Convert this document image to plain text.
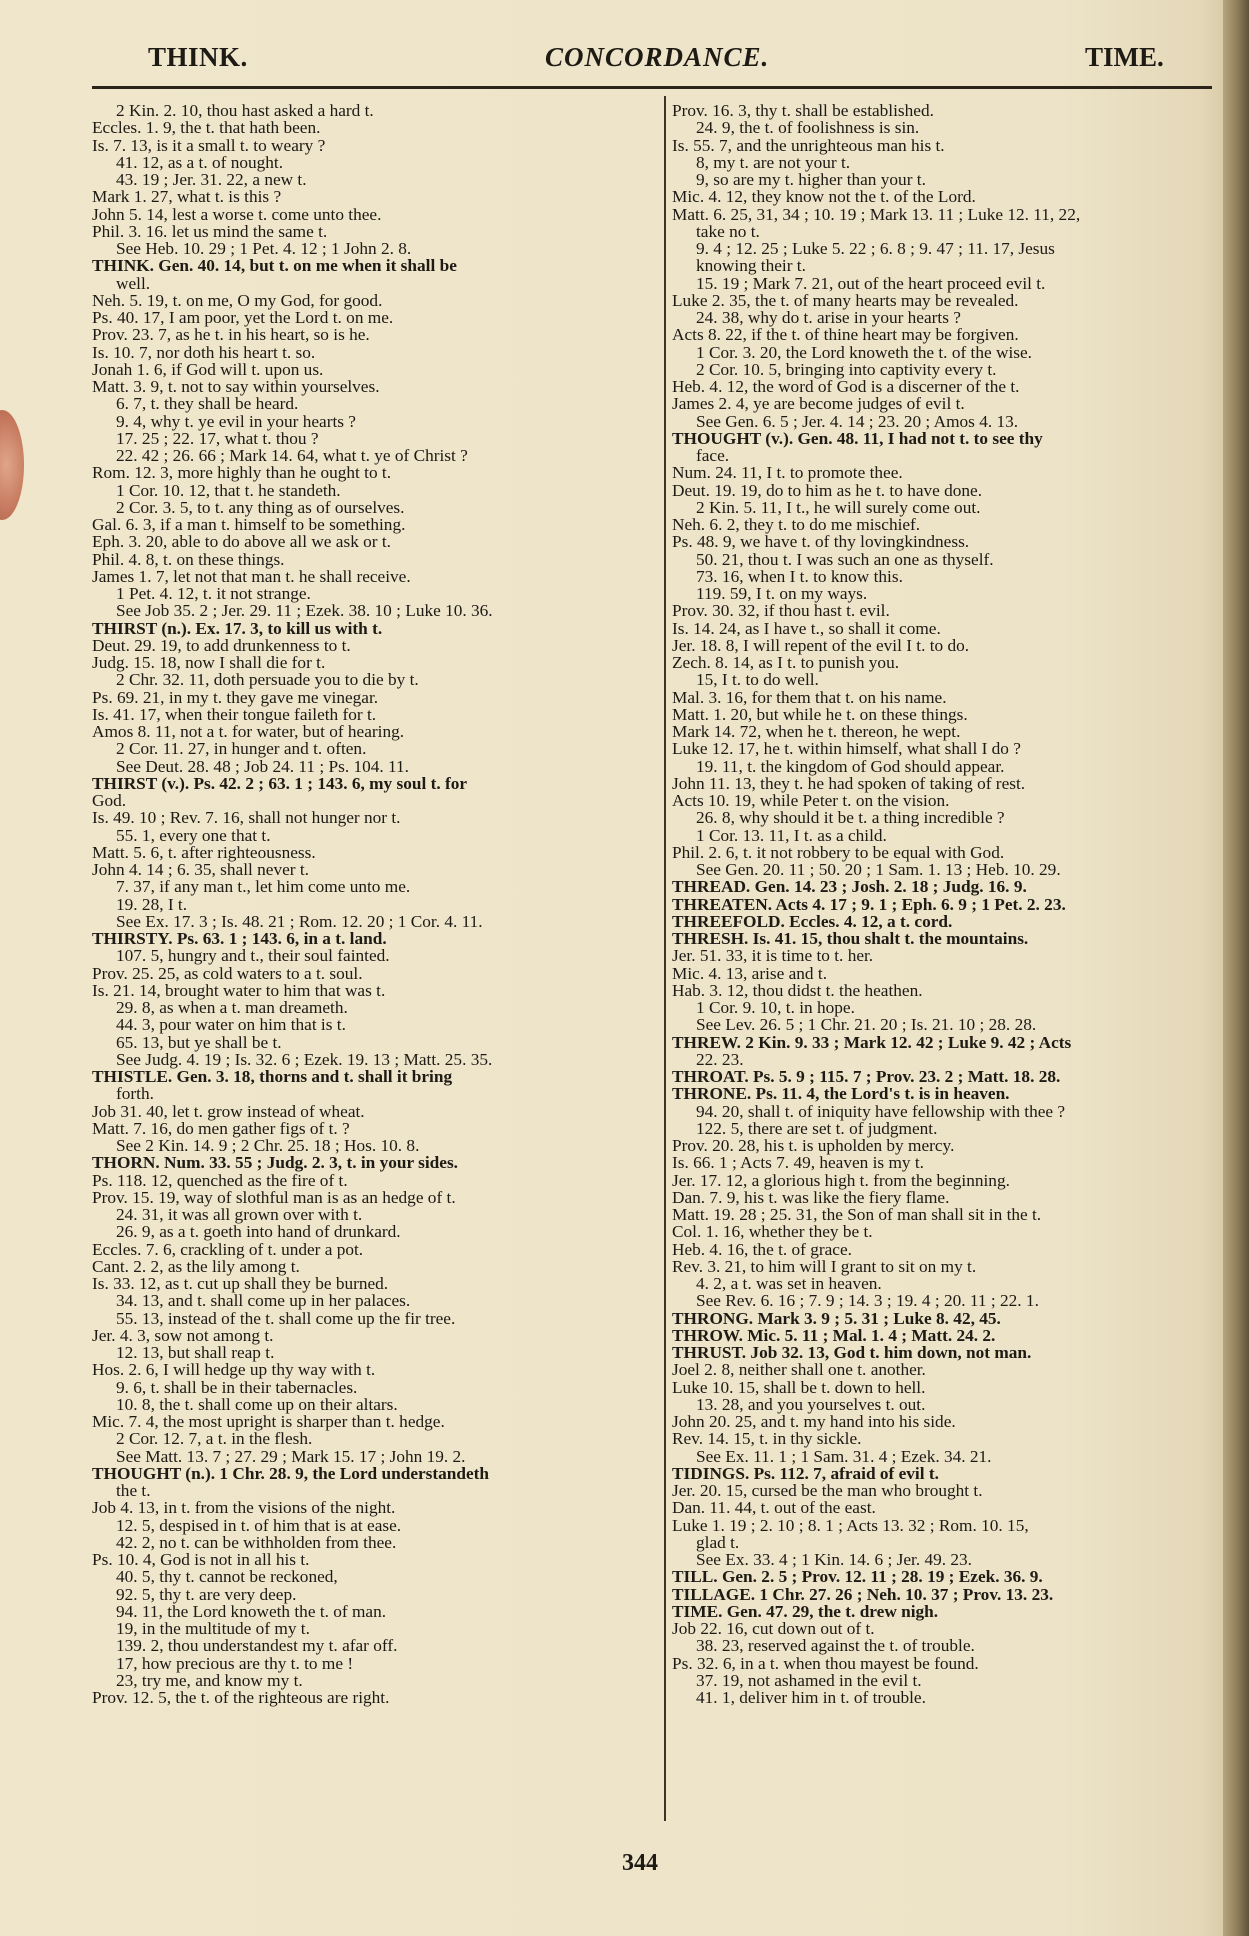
THINK.	CONCORDANCE.	TIME.
2 Kin. 2. 10, thou hast asked a hard t.
Eccles. 1. 9, the t. that hath been.
Is. 7. 13, is it a small t. to weary ?
41. 12, as a t. of nought.
43. 19 ; Jer. 31. 22, a new t.
Mark 1. 27, what t. is this ?
John 5. 14, lest a worse t. come unto thee.
Phil. 3. 16. let us mind the same t.
See Heb. 10. 29 ; 1 Pet. 4. 12 ; 1 John 2. 8.
THINK. Gen. 40. 14, but t. on me when it shall be
well.
Neh. 5. 19, t. on me, O my God, for good.
Ps. 40. 17, I am poor, yet the Lord t. on me.
Prov. 23. 7, as he t. in his heart, so is he.
Is. 10. 7, nor doth his heart t. so.
Jonah 1. 6, if God will t. upon us.
Matt. 3. 9, t. not to say within yourselves.
6. 7, t. they shall be heard.
9. 4, why t. ye evil in your hearts ?
17. 25 ; 22. 17, what t. thou ?
22. 42 ; 26. 66 ; Mark 14. 64, what t. ye of Christ ?
Rom. 12. 3, more highly than he ought to t.
1 Cor. 10. 12, that t. he standeth.
2 Cor. 3. 5, to t. any thing as of ourselves.
Gal. 6. 3, if a man t. himself to be something.
Eph. 3. 20, able to do above all we ask or t.
Phil. 4. 8, t. on these things.
James 1. 7, let not that man t. he shall receive.
1 Pet. 4. 12, t. it not strange.
See Job 35. 2 ; Jer. 29. 11 ; Ezek. 38. 10 ; Luke 10. 36.
THIRST (n.). Ex. 17. 3, to kill us with t.
Deut. 29. 19, to add drunkenness to t.
Judg. 15. 18, now I shall die for t.
2 Chr. 32. 11, doth persuade you to die by t.
Ps. 69. 21, in my t. they gave me vinegar.
Is. 41. 17, when their tongue faileth for t.
Amos 8. 11, not a t. for water, but of hearing.
2 Cor. 11. 27, in hunger and t. often.
See Deut. 28. 48 ; Job 24. 11 ; Ps. 104. 11.
THIRST (v.). Ps. 42. 2 ; 63. 1 ; 143. 6, my soul t. for
God.
Is. 49. 10 ; Rev. 7. 16, shall not hunger nor t.
55. 1, every one that t.
Matt. 5. 6, t. after righteousness.
John 4. 14 ; 6. 35, shall never t.
7. 37, if any man t., let him come unto me.
19. 28, I t.
See Ex. 17. 3 ; Is. 48. 21 ; Rom. 12. 20 ; 1 Cor. 4. 11.
THIRSTY. Ps. 63. 1 ; 143. 6, in a t. land.
107. 5, hungry and t., their soul fainted.
Prov. 25. 25, as cold waters to a t. soul.
Is. 21. 14, brought water to him that was t.
29. 8, as when a t. man dreameth.
44. 3, pour water on him that is t.
65. 13, but ye shall be t.
See Judg. 4. 19 ; Is. 32. 6 ; Ezek. 19. 13 ; Matt. 25. 35.
THISTLE. Gen. 3. 18, thorns and t. shall it bring
forth.
Job 31. 40, let t. grow instead of wheat.
Matt. 7. 16, do men gather figs of t. ?
See 2 Kin. 14. 9 ; 2 Chr. 25. 18 ; Hos. 10. 8.
THORN. Num. 33. 55 ; Judg. 2. 3, t. in your sides.
Ps. 118. 12, quenched as the fire of t.
Prov. 15. 19, way of slothful man is as an hedge of t.
24. 31, it was all grown over with t.
26. 9, as a t. goeth into hand of drunkard.
Eccles. 7. 6, crackling of t. under a pot.
Cant. 2. 2, as the lily among t.
Is. 33. 12, as t. cut up shall they be burned.
34. 13, and t. shall come up in her palaces.
55. 13, instead of the t. shall come up the fir tree.
Jer. 4. 3, sow not among t.
12. 13, but shall reap t.
Hos. 2. 6, I will hedge up thy way with t.
9. 6, t. shall be in their tabernacles.
10. 8, the t. shall come up on their altars.
Mic. 7. 4, the most upright is sharper than t. hedge.
2 Cor. 12. 7, a t. in the flesh.
See Matt. 13. 7 ; 27. 29 ; Mark 15. 17 ; John 19. 2.
THOUGHT (n.). 1 Chr. 28. 9, the Lord understandeth
the t.
Job 4. 13, in t. from the visions of the night.
12. 5, despised in t. of him that is at ease.
42. 2, no t. can be withholden from thee.
Ps. 10. 4, God is not in all his t.
40. 5, thy t. cannot be reckoned,
92. 5, thy t. are very deep.
94. 11, the Lord knoweth the t. of man.
19, in the multitude of my t.
139. 2, thou understandest my t. afar off.
17, how precious are thy t. to me !
23, try me, and know my t.
Prov. 12. 5, the t. of the righteous are right.
Prov. 16. 3, thy t. shall be established.
24. 9, the t. of foolishness is sin.
Is. 55. 7, and the unrighteous man his t.
8, my t. are not your t.
9, so are my t. higher than your t.
Mic. 4. 12, they know not the t. of the Lord.
Matt. 6. 25, 31, 34 ; 10. 19 ; Mark 13. 11 ; Luke 12. 11, 22,
take no t.
9. 4 ; 12. 25 ; Luke 5. 22 ; 6. 8 ; 9. 47 ; 11. 17, Jesus
knowing their t.
15. 19 ; Mark 7. 21, out of the heart proceed evil t.
Luke 2. 35, the t. of many hearts may be revealed.
24. 38, why do t. arise in your hearts ?
Acts 8. 22, if the t. of thine heart may be forgiven.
1 Cor. 3. 20, the Lord knoweth the t. of the wise.
2 Cor. 10. 5, bringing into captivity every t.
Heb. 4. 12, the word of God is a discerner of the t.
James 2. 4, ye are become judges of evil t.
See Gen. 6. 5 ; Jer. 4. 14 ; 23. 20 ; Amos 4. 13.
THOUGHT (v.). Gen. 48. 11, I had not t. to see thy
face.
Num. 24. 11, I t. to promote thee.
Deut. 19. 19, do to him as he t. to have done.
2 Kin. 5. 11, I t., he will surely come out.
Neh. 6. 2, they t. to do me mischief.
Ps. 48. 9, we have t. of thy lovingkindness.
50. 21, thou t. I was such an one as thyself.
73. 16, when I t. to know this.
119. 59, I t. on my ways.
Prov. 30. 32, if thou hast t. evil.
Is. 14. 24, as I have t., so shall it come.
Jer. 18. 8, I will repent of the evil I t. to do.
Zech. 8. 14, as I t. to punish you.
15, I t. to do well.
Mal. 3. 16, for them that t. on his name.
Matt. 1. 20, but while he t. on these things.
Mark 14. 72, when he t. thereon, he wept.
Luke 12. 17, he t. within himself, what shall I do ?
19. 11, t. the kingdom of God should appear.
John 11. 13, they t. he had spoken of taking of rest.
Acts 10. 19, while Peter t. on the vision.
26. 8, why should it be t. a thing incredible ?
1 Cor. 13. 11, I t. as a child.
Phil. 2. 6, t. it not robbery to be equal with God.
See Gen. 20. 11 ; 50. 20 ; 1 Sam. 1. 13 ; Heb. 10. 29.
THREAD. Gen. 14. 23 ; Josh. 2. 18 ; Judg. 16. 9.
THREATEN. Acts 4. 17 ; 9. 1 ; Eph. 6. 9 ; 1 Pet. 2. 23.
THREEFOLD. Eccles. 4. 12, a t. cord.
THRESH. Is. 41. 15, thou shalt t. the mountains.
Jer. 51. 33, it is time to t. her.
Mic. 4. 13, arise and t.
Hab. 3. 12, thou didst t. the heathen.
1 Cor. 9. 10, t. in hope.
See Lev. 26. 5 ; 1 Chr. 21. 20 ; Is. 21. 10 ; 28. 28.
THREW. 2 Kin. 9. 33 ; Mark 12. 42 ; Luke 9. 42 ; Acts
22. 23.
THROAT. Ps. 5. 9 ; 115. 7 ; Prov. 23. 2 ; Matt. 18. 28.
THRONE. Ps. 11. 4, the Lord's t. is in heaven.
94. 20, shall t. of iniquity have fellowship with thee ?
122. 5, there are set t. of judgment.
Prov. 20. 28, his t. is upholden by mercy.
Is. 66. 1 ; Acts 7. 49, heaven is my t.
Jer. 17. 12, a glorious high t. from the beginning.
Dan. 7. 9, his t. was like the fiery flame.
Matt. 19. 28 ; 25. 31, the Son of man shall sit in the t.
Col. 1. 16, whether they be t.
Heb. 4. 16, the t. of grace.
Rev. 3. 21, to him will I grant to sit on my t.
4. 2, a t. was set in heaven.
See Rev. 6. 16 ; 7. 9 ; 14. 3 ; 19. 4 ; 20. 11 ; 22. 1.
THRONG. Mark 3. 9 ; 5. 31 ; Luke 8. 42, 45.
THROW. Mic. 5. 11 ; Mal. 1. 4 ; Matt. 24. 2.
THRUST. Job 32. 13, God t. him down, not man.
Joel 2. 8, neither shall one t. another.
Luke 10. 15, shall be t. down to hell.
13. 28, and you yourselves t. out.
John 20. 25, and t. my hand into his side.
Rev. 14. 15, t. in thy sickle.
See Ex. 11. 1 ; 1 Sam. 31. 4 ; Ezek. 34. 21.
TIDINGS. Ps. 112. 7, afraid of evil t.
Jer. 20. 15, cursed be the man who brought t.
Dan. 11. 44, t. out of the east.
Luke 1. 19 ; 2. 10 ; 8. 1 ; Acts 13. 32 ; Rom. 10. 15,
glad t.
See Ex. 33. 4 ; 1 Kin. 14. 6 ; Jer. 49. 23.
TILL. Gen. 2. 5 ; Prov. 12. 11 ; 28. 19 ; Ezek. 36. 9.
TILLAGE. 1 Chr. 27. 26 ; Neh. 10. 37 ; Prov. 13. 23.
TIME. Gen. 47. 29, the t. drew nigh.
Job 22. 16, cut down out of t.
38. 23, reserved against the t. of trouble.
Ps. 32. 6, in a t. when thou mayest be found.
37. 19, not ashamed in the evil t.
41. 1, deliver him in t. of trouble.
344
